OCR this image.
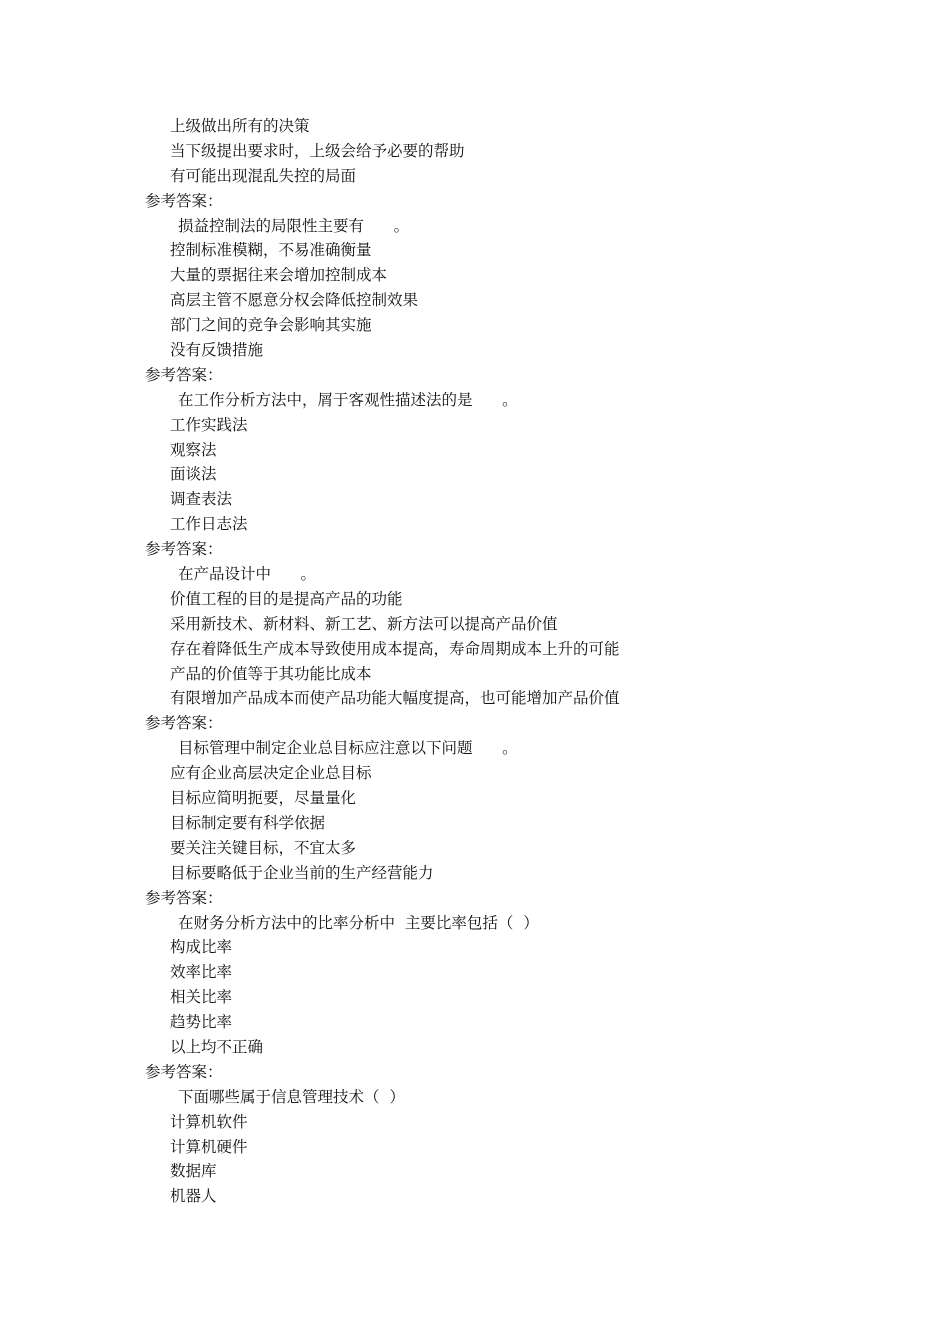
上级做出所有的决策
当下级提出要求时，上级会给予必要的帮助
有可能出现混乱失控的局面
参考答案：
损益控制法的局限性主要有      。
控制标准模糊，不易准确衡量
大量的票据往来会增加控制成本
高层主管不愿意分权会降低控制效果
部门之间的竞争会影响其实施
没有反馈措施
参考答案：
在工作分析方法中，屑于客观性描述法的是      。
工作实践法
观察法
面谈法
调查表法
工作日志法
参考答案：
在产品设计中      。
价值工程的目的是提高产品的功能
采用新技术、新材料、新工艺、新方法可以提高产品价值
存在着降低生产成本导致使用成本提高，寿命周期成本上升的可能
产品的价值等于其功能比成本
有限增加产品成本而使产品功能大幅度提高，也可能增加产品价值
参考答案：
目标管理中制定企业总目标应注意以下问题      。
应有企业高层决定企业总目标
目标应简明扼要，尽量量化
目标制定要有科学依据
要关注关键目标，不宜太多
目标要略低于企业当前的生产经营能力
参考答案：
在财务分析方法中的比率分析中  主要比率包括（  ）
构成比率
效率比率
相关比率
趋势比率
以上均不正确
参考答案：
下面哪些属于信息管理技术（  ）
计算机软件
计算机硬件
数据库
机器人
